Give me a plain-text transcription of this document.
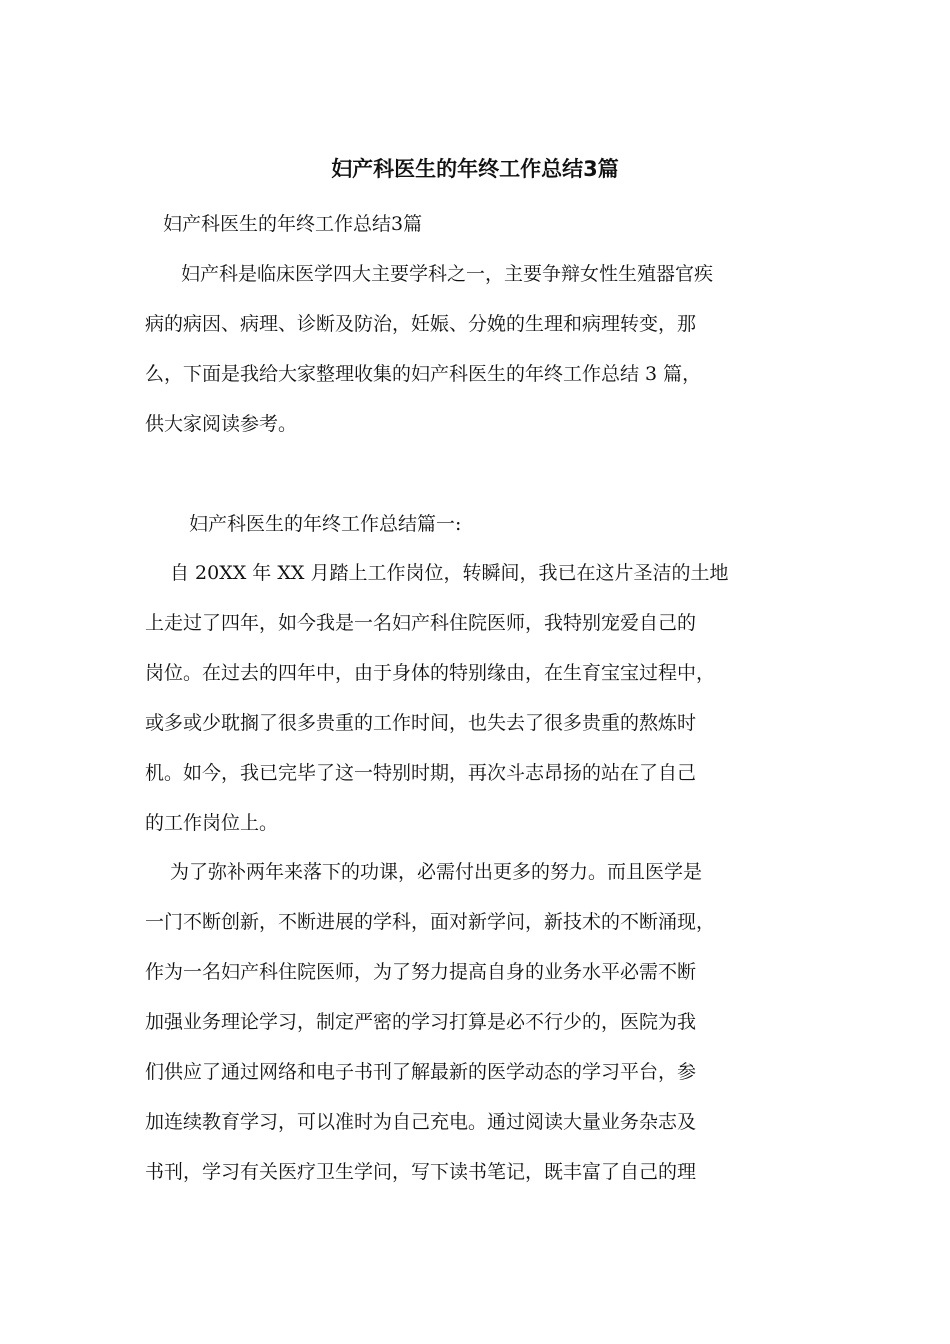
妇产科医生的年终工作总结3篇

妇产科医生的年终工作总结3篇

妇产科是临床医学四大主要学科之一，主要争辩女性生殖器官疾

病的病因、病理、诊断及防治，妊娠、分娩的生理和病理转变，那

么，下面是我给大家整理收集的妇产科医生的年终工作总结 3 篇，

供大家阅读参考。

妇产科医生的年终工作总结篇一:

自 20XX 年 XX 月踏上工作岗位，转瞬间，我已在这片圣洁的土地

上走过了四年，如今我是一名妇产科住院医师，我特别宠爱自己的

岗位。在过去的四年中，由于身体的特别缘由，在生育宝宝过程中，

或多或少耽搁了很多贵重的工作时间，也失去了很多贵重的熬炼时

机。如今，我已完毕了这一特别时期，再次斗志昂扬的站在了自己

的工作岗位上。

为了弥补两年来落下的功课，必需付出更多的努力。而且医学是

一门不断创新，不断进展的学科，面对新学问，新技术的不断涌现，

作为一名妇产科住院医师，为了努力提高自身的业务水平必需不断

加强业务理论学习，制定严密的学习打算是必不行少的，医院为我

们供应了通过网络和电子书刊了解最新的医学动态的学习平台，参

加连续教育学习，可以准时为自己充电。通过阅读大量业务杂志及

书刊，学习有关医疗卫生学问，写下读书笔记，既丰富了自己的理
